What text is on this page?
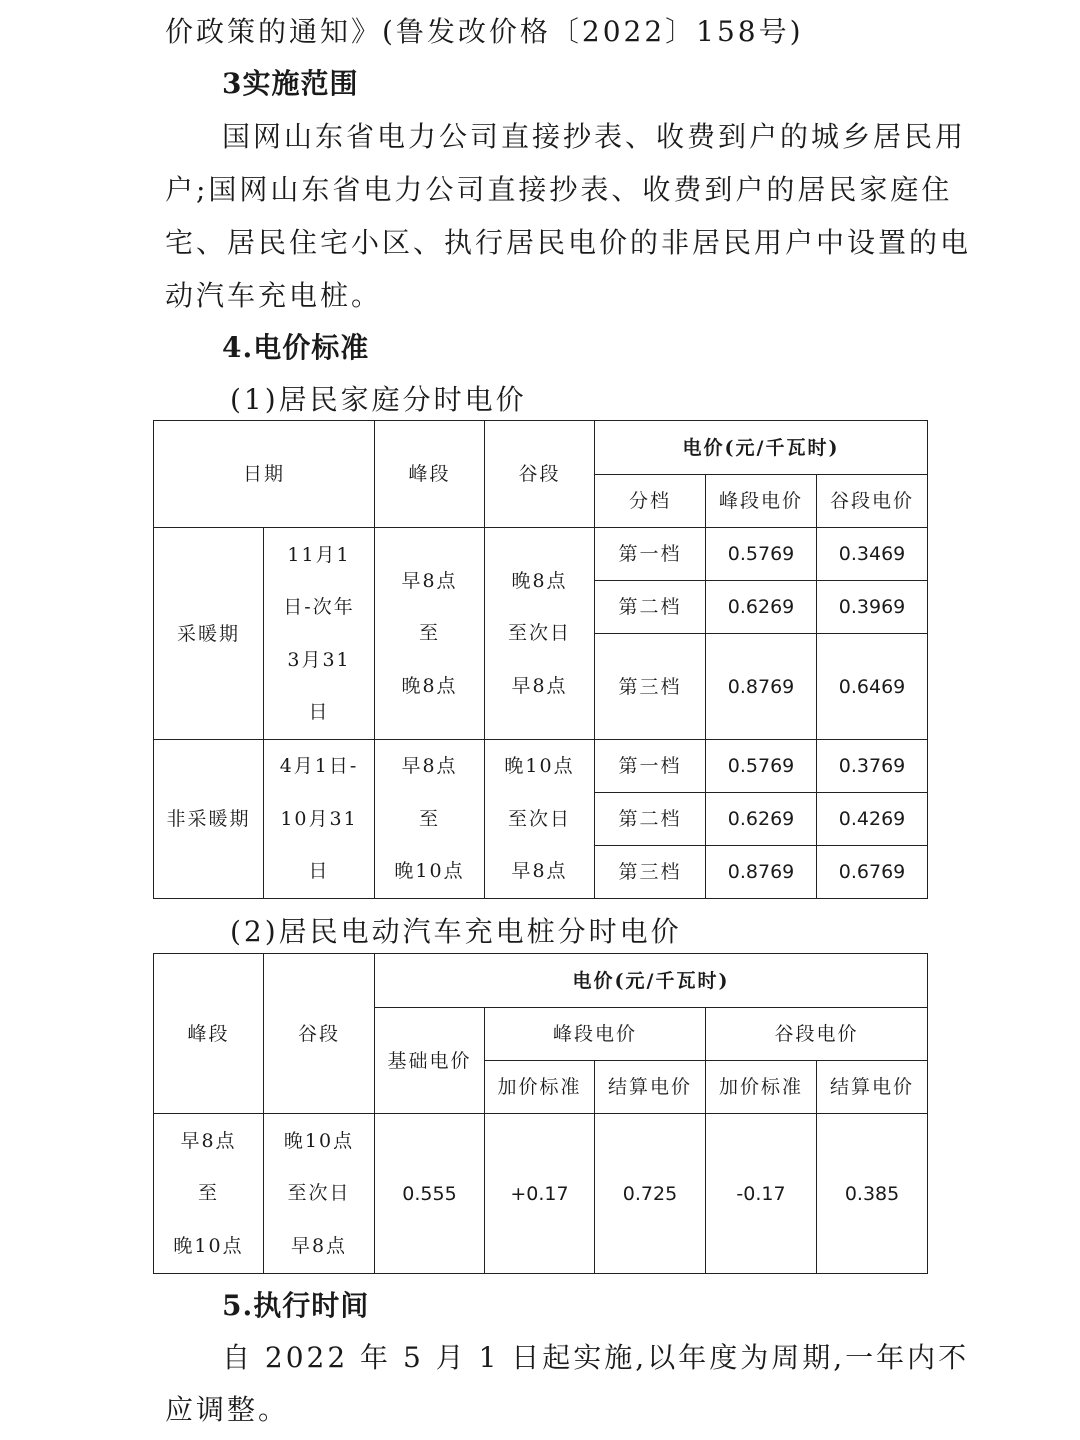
价政策的通知》(鲁发改价格〔2022〕158号)
3实施范围
国网山东省电力公司直接抄表、收费到户的城乡居民用
户;国网山东省电力公司直接抄表、收费到户的居民家庭住
宅、居民住宅小区、执行居民电价的非居民用户中设置的电
动汽车充电桩。
4.电价标准
(1)居民家庭分时电价
日期		峰段	谷段	电价(元/千瓦时)		
				分档	峰段电价	谷段电价
采暖期	11月1
日-次年
3月31
日	早8点
至
晚8点	晚8点
至次日
早8点	第一档	0.5769	0.3469
				第二档	0.6269	0.3969
				第三档	0.8769	0.6469
非采暖期	4月1日-
10月31
日	早8点
至
晚10点	晚10点
至次日
早8点	第一档	0.5769	0.3769
				第二档	0.6269	0.4269
				第三档	0.8769	0.6769
(2)居民电动汽车充电桩分时电价
峰段	谷段	电价(元/千瓦时)				
		基础电价	峰段电价		谷段电价	
			加价标准	结算电价	加价标准	结算电价

早8点
至
晚10点	晚10点
至次日
早8点	0.555	+0.17	0.725	-0.17	0.385
5.执行时间
自 2022 年 5 月 1 日起实施,以年度为周期,一年内不
应调整。
